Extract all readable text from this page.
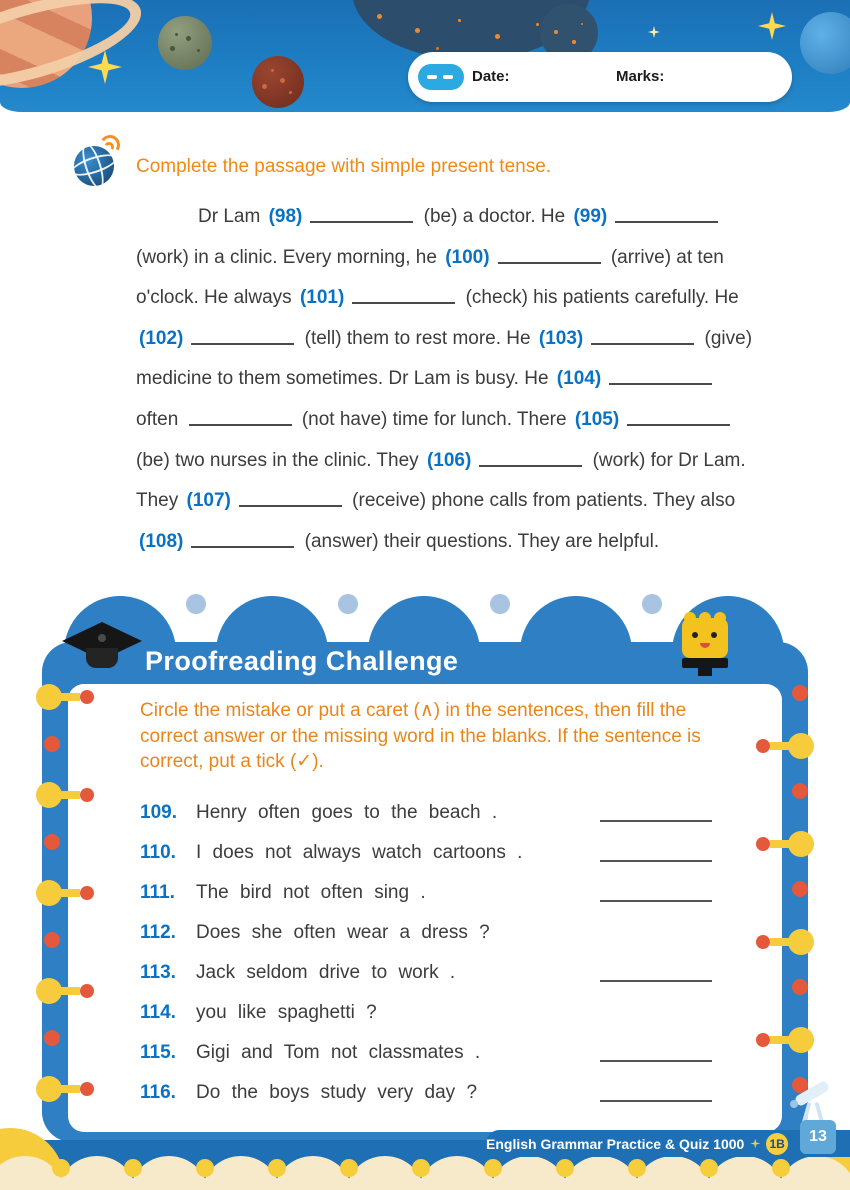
Date:	Marks:
Complete the passage with simple present tense.
Dr Lam (98)	(be) a doctor. He (99)
(work) in a clinic. Every morning, he (100)	(arrive) at ten
o'clock. He always (101)	(check) his patients carefully. He
(102)	(tell) them to rest more. He (103)	(give)
medicine to them sometimes. Dr Lam is busy. He (104)
often	(not have) time for lunch. There (105)
(be) two nurses in the clinic. They (106)	(work) for Dr Lam.
They (107)	(receive) phone calls from patients. They also
(108)	(answer) their questions. They are helpful.
Proofreading Challenge
Circle the mistake or put a caret (∧) in the sentences, then fill the
correct answer or the missing word in the blanks. If the sentence is
correct, put a tick (✓).
109.	Henry often goes to the beach .
110.	I does not always watch cartoons .
111.	The bird not often sing .
112.	Does she often wear a dress ?
113.	Jack seldom drive to work .
114.	you like spaghetti ?
115.	Gigi and Tom not classmates .
116.	Do the boys study very day ?
English Grammar Practice & Quiz 1000 1B	13
